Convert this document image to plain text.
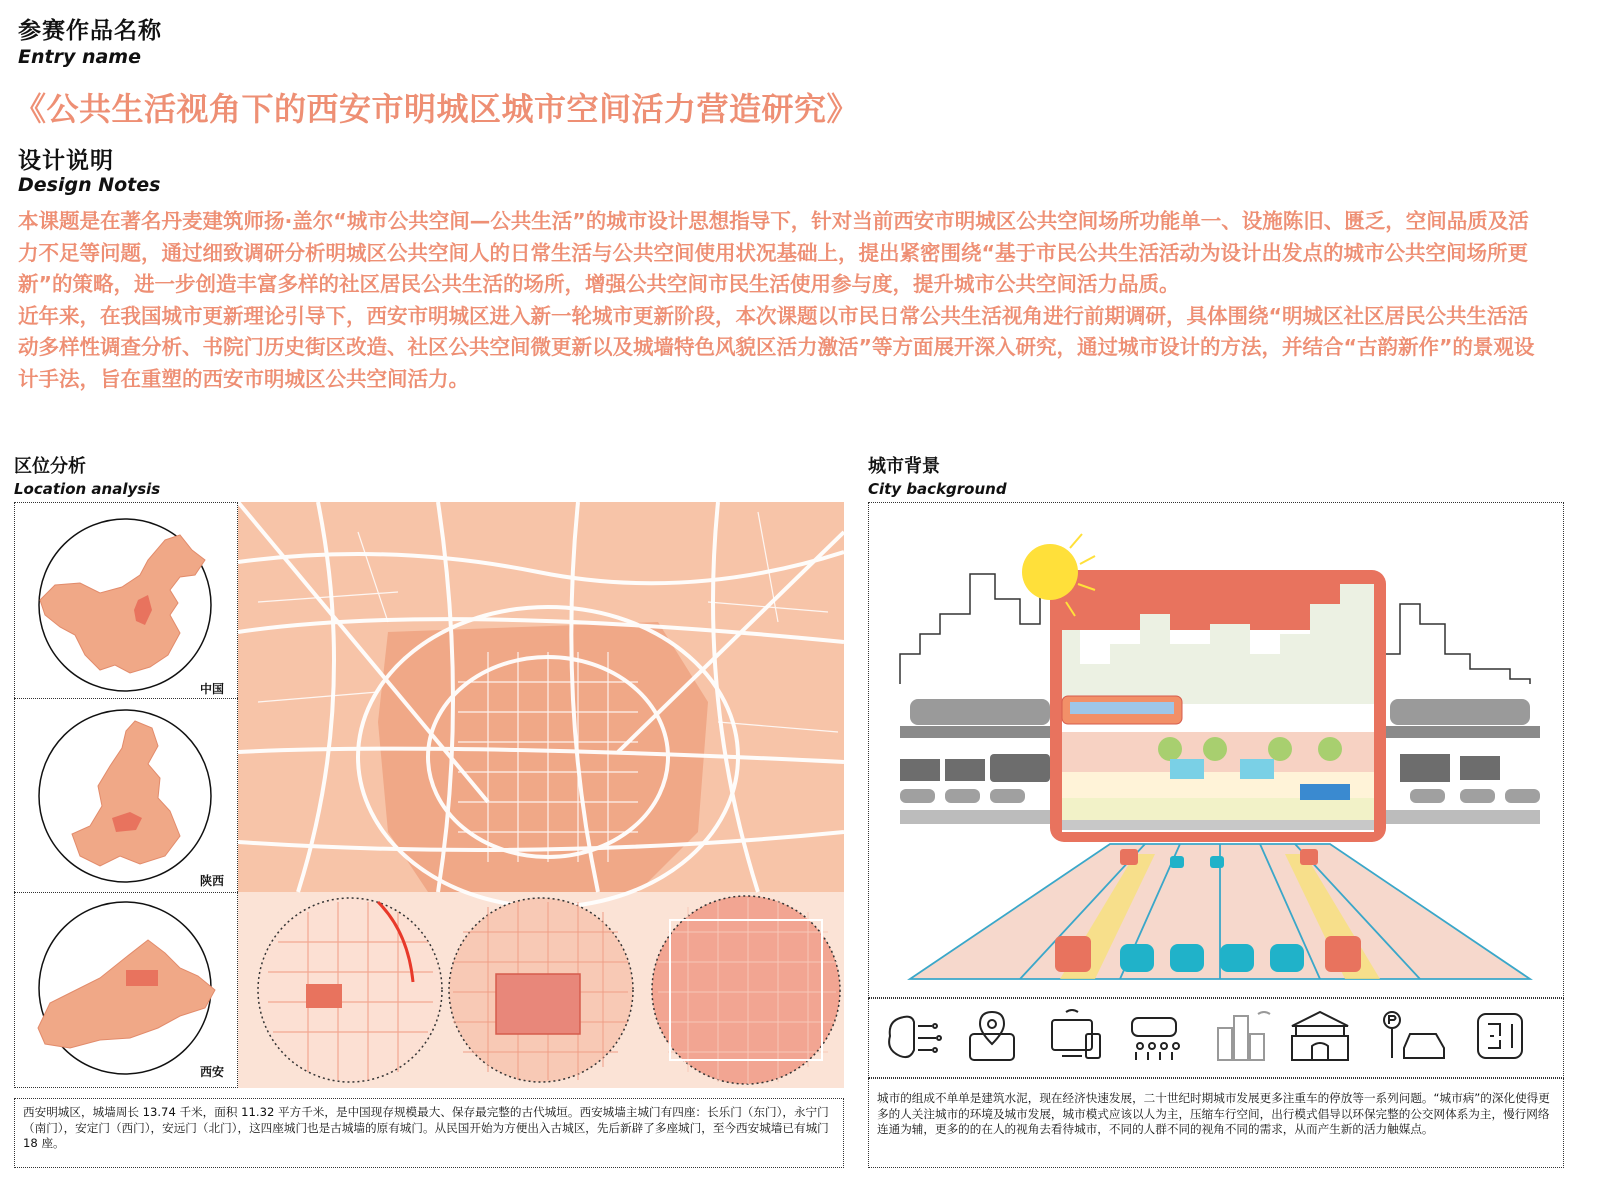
参赛作品名称
Entry name
《公共生活视角下的西安市明城区城市空间活力营造研究》
设计说明
Design Notes

本课题是在著名丹麦建筑师扬·盖尔“城市公共空间—公共生活”的城市设计思想指导下，针对当前西安市明城区公共空间场所功能单一、设施陈旧、匮乏，空间品质及活力不足等问题，通过细致调研分析明城区公共空间人的日常生活与公共空间使用状况基础上，提出紧密围绕“基于市民公共生活活动为设计出发点的城市公共空间场所更新”的策略，进一步创造丰富多样的社区居民公共生活的场所，增强公共空间市民生活使用参与度，提升城市公共空间活力品质。

近年来，在我国城市更新理论引导下，西安市明城区进入新一轮城市更新阶段，本次课题以市民日常公共生活视角进行前期调研，具体围绕“明城区社区居民公共生活活动多样性调查分析、书院门历史街区改造、社区公共空间微更新以及城墙特色风貌区活力激活”等方面展开深入研究，通过城市设计的方法，并结合“古韵新作”的景观设计手法，旨在重塑的西安市明城区公共空间活力。

区位分析
Location analysis
城市背景
City background
中国
陕西
西安
西安明城区，城墙周长 13.74 千米，面积 11.32 平方千米，是中国现存规模最大、保存最完整的古代城垣。西安城墙主城门有四座：长乐门（东门），永宁门（南门），安定门（西门），安远门（北门），这四座城门也是古城墙的原有城门。从民国开始为方便出入古城区，先后新辟了多座城门，至今西安城墙已有城门 18 座。
城市的组成不单单是建筑水泥，现在经济快速发展，二十世纪时期城市发展更多注重车的停放等一系列问题。“城市病”的深化使得更多的人关注城市的环境及城市发展，城市模式应该以人为主，压缩车行空间，出行模式倡导以环保完整的公交网体系为主，慢行网络连通为辅，更多的的在人的视角去看待城市，不同的人群不同的视角不同的需求，从而产生新的活力触媒点。
